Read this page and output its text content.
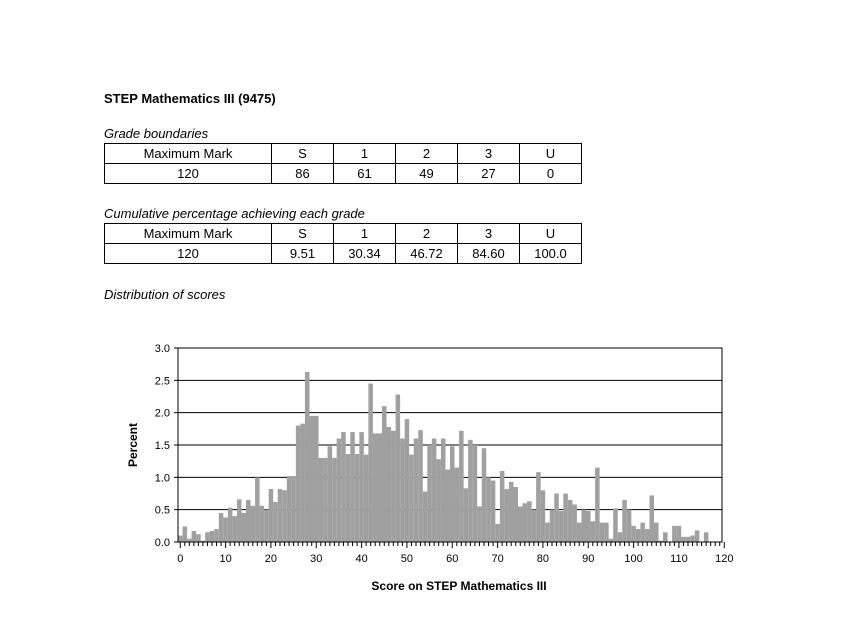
STEP Mathematics III (9475)
Grade boundaries
Maximum Mark	S	1	2	3	U
120	86	61	49	27	0
Cumulative percentage achieving each grade
Maximum Mark	S	1	2	3	U
120	9.51	30.34	46.72	84.60	100.0
Distribution of scores
0.0
0.5
1.0
1.5
2.0
2.5
3.0
0	10	20	30	40	50	60	70	80	90	100 110 120
Percent
Score on STEP Mathematics III
